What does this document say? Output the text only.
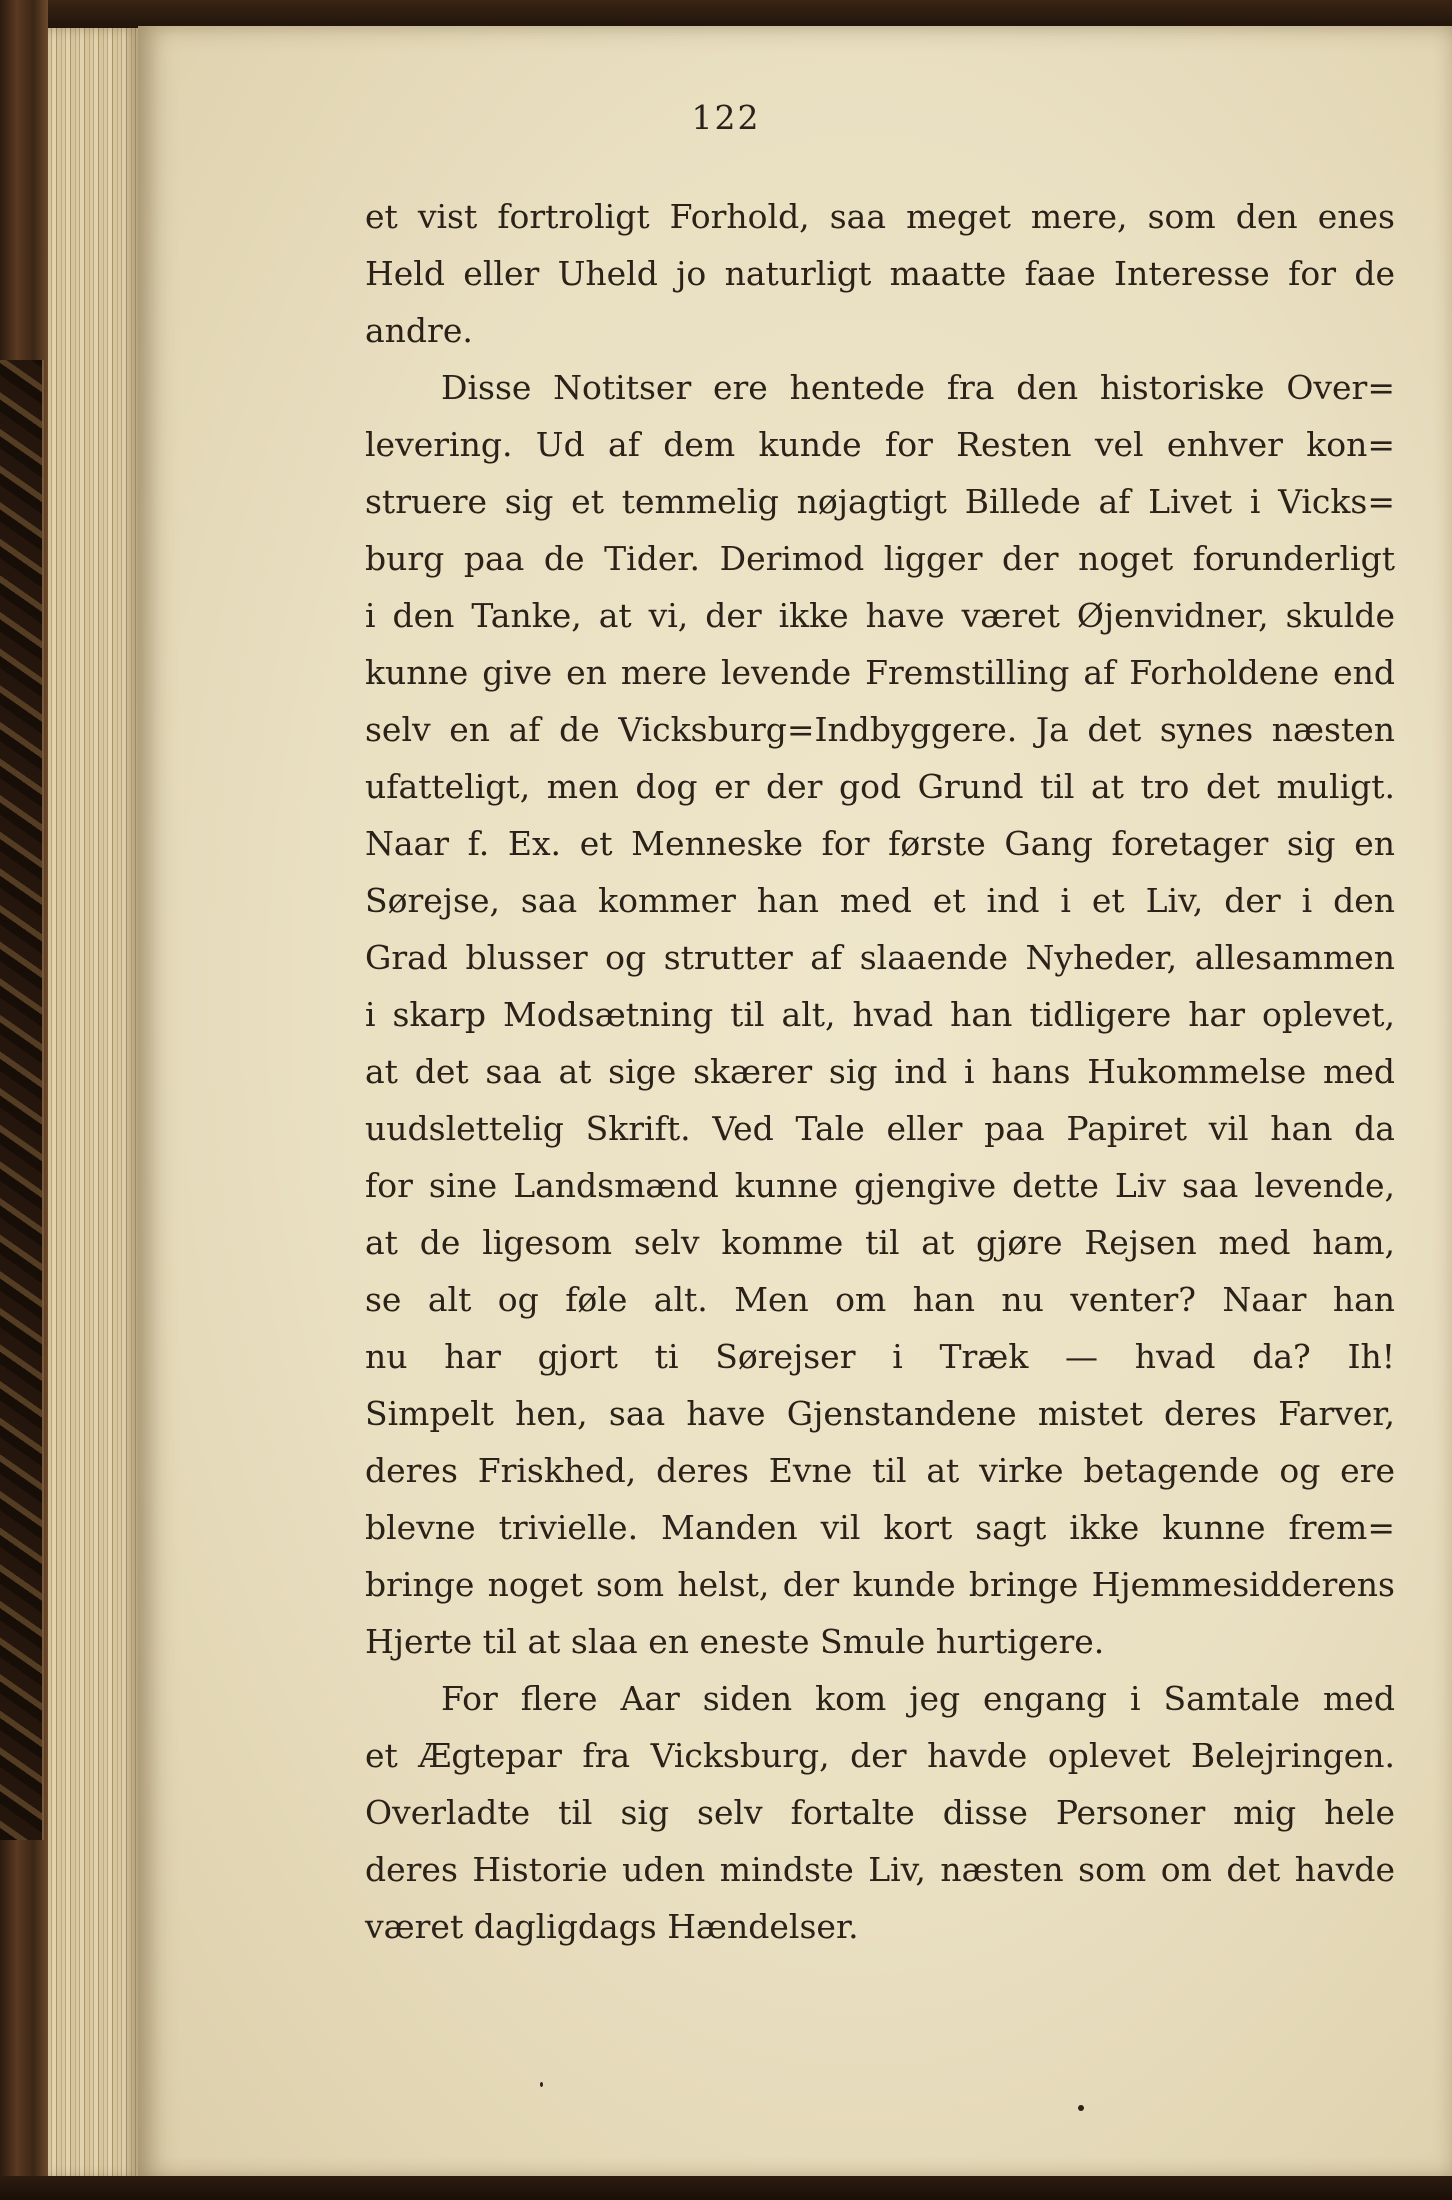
122
et vist fortroligt Forhold, saa meget mere, som den enes
Held eller Uheld jo naturligt maatte faae Interesse for de
andre.
Disse Notitser ere hentede fra den historiske Over=
levering. Ud af dem kunde for Resten vel enhver kon=
struere sig et temmelig nøjagtigt Billede af Livet i Vicks=
burg paa de Tider. Derimod ligger der noget forunderligt
i den Tanke, at vi, der ikke have været Øjenvidner, skulde
kunne give en mere levende Fremstilling af Forholdene end
selv en af de Vicksburg=Indbyggere. Ja det synes næsten
ufatteligt, men dog er der god Grund til at tro det muligt.
Naar f. Ex. et Menneske for første Gang foretager sig en
Sørejse, saa kommer han med et ind i et Liv, der i den
Grad blusser og strutter af slaaende Nyheder, allesammen
i skarp Modsætning til alt, hvad han tidligere har oplevet,
at det saa at sige skærer sig ind i hans Hukommelse med
uudslettelig Skrift. Ved Tale eller paa Papiret vil han da
for sine Landsmænd kunne gjengive dette Liv saa levende,
at de ligesom selv komme til at gjøre Rejsen med ham,
se alt og føle alt. Men om han nu venter? Naar han
nu har gjort ti Sørejser i Træk — hvad da? Ih!
Simpelt hen, saa have Gjenstandene mistet deres Farver,
deres Friskhed, deres Evne til at virke betagende og ere
blevne trivielle. Manden vil kort sagt ikke kunne frem=
bringe noget som helst, der kunde bringe Hjemmesidderens
Hjerte til at slaa en eneste Smule hurtigere.
For flere Aar siden kom jeg engang i Samtale med
et Ægtepar fra Vicksburg, der havde oplevet Belejringen.
Overladte til sig selv fortalte disse Personer mig hele
deres Historie uden mindste Liv, næsten som om det havde
været dagligdags Hændelser.
